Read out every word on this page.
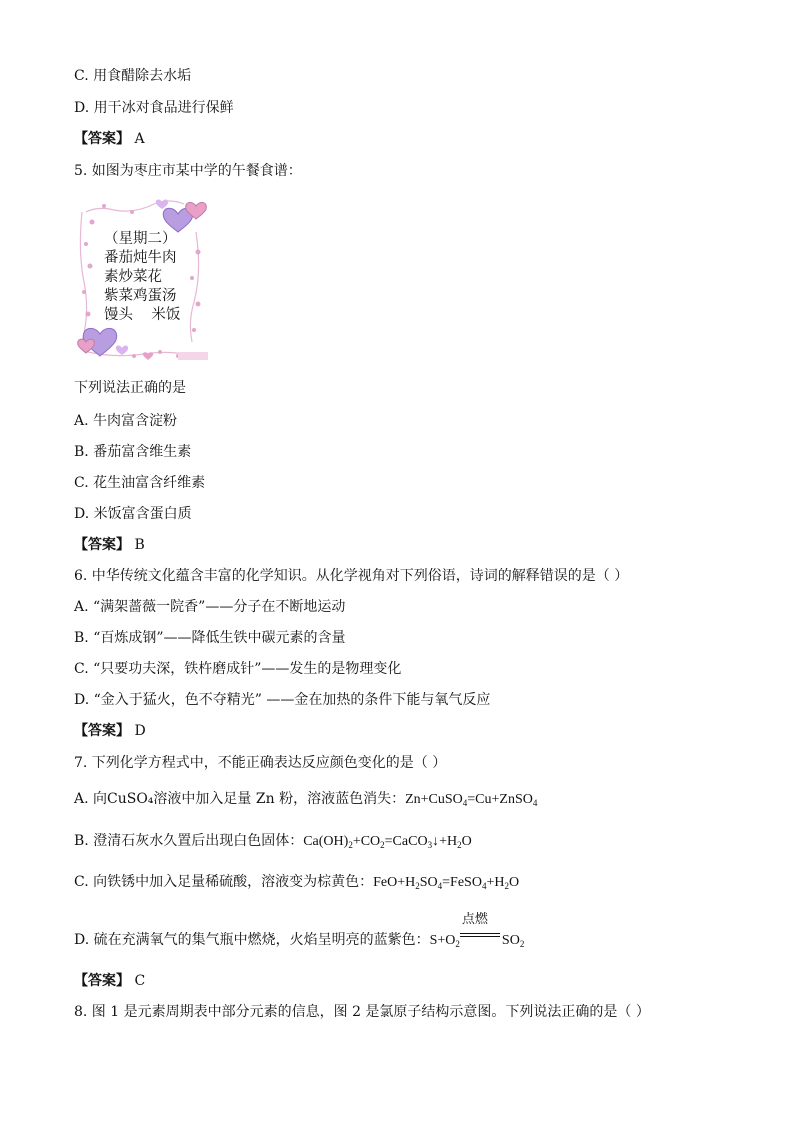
C. 用食醋除去水垢
D. 用干冰对食品进行保鲜
【答案】 A
5. 如图为枣庄市某中学的午餐食谱：
（星期二）
番茄炖牛肉
素炒菜花
紫菜鸡蛋汤
馒头    米饭
下列说法正确的是
A. 牛肉富含淀粉
B. 番茄富含维生素
C. 花生油富含纤维素
D. 米饭富含蛋白质
【答案】 B
6. 中华传统文化蕴含丰富的化学知识。从化学视角对下列俗语，诗词的解释错误的是（ ）
A. “满架蔷薇一院香”——分子在不断地运动
B. “百炼成钢”——降低生铁中碳元素的含量
C. “只要功夫深，铁杵磨成针”——发生的是物理变化
D. “金入于猛火，色不夺精光” ——金在加热的条件下能与氧气反应
【答案】 D
7. 下列化学方程式中，不能正确表达反应颜色变化的是（ ）
A. 向CuSO₄溶液中加入足量 Zn 粉，溶液蓝色消失：Zn+CuSO$_4$=Cu+ZnSO$_4$
B. 澄清石灰水久置后出现白色固体：$Ca(OH)_2+CO_2=CaCO_3↓+H_2O$
C. 向铁锈中加入足量稀硫酸，溶液变为棕黄色：$FeO+H_2SO_4=FeSO_4+H_2O$
D. 硫在充满氧气的集气瓶中燃烧，火焰呈明亮的蓝紫色：$S+O_2$
点燃
$SO_2$
【答案】 C
8. 图 1 是元素周期表中部分元素的信息，图 2 是氯原子结构示意图。下列说法正确的是（ ）
